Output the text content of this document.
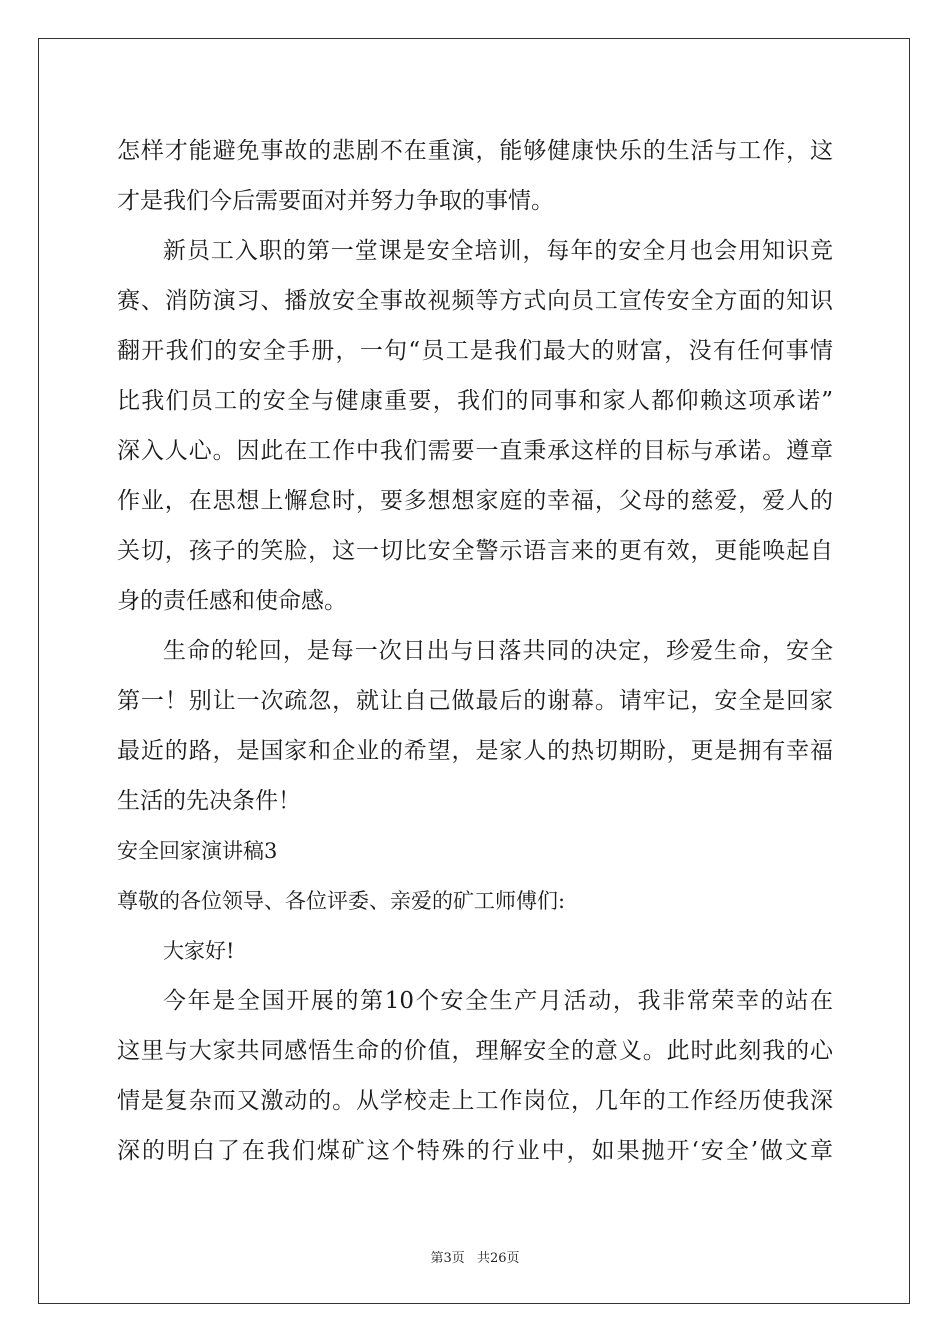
怎样才能避免事故的悲剧不在重演，能够健康快乐的生活与工作，这
才是我们今后需要面对并努力争取的事情。
新员工入职的第一堂课是安全培训，每年的安全月也会用知识竞
赛、消防演习、播放安全事故视频等方式向员工宣传安全方面的知识
翻开我们的安全手册，一句“员工是我们最大的财富，没有任何事情
比我们员工的安全与健康重要，我们的同事和家人都仰赖这项承诺”
深入人心。因此在工作中我们需要一直秉承这样的目标与承诺。遵章
作业，在思想上懈怠时，要多想想家庭的幸福，父母的慈爱，爱人的
关切，孩子的笑脸，这一切比安全警示语言来的更有效，更能唤起自
身的责任感和使命感。
生命的轮回，是每一次日出与日落共同的决定，珍爱生命，安全
第一！别让一次疏忽，就让自己做最后的谢幕。请牢记，安全是回家
最近的路，是国家和企业的希望，是家人的热切期盼，更是拥有幸福
生活的先决条件！
安全回家演讲稿3
尊敬的各位领导、各位评委、亲爱的矿工师傅们:
大家好!
今年是全国开展的第10个安全生产月活动，我非常荣幸的站在
这里与大家共同感悟生命的价值，理解安全的意义。此时此刻我的心
情是复杂而又激动的。从学校走上工作岗位，几年的工作经历使我深
深的明白了在我们煤矿这个特殊的行业中，如果抛开‘安全’做文章
第3页 共26页
